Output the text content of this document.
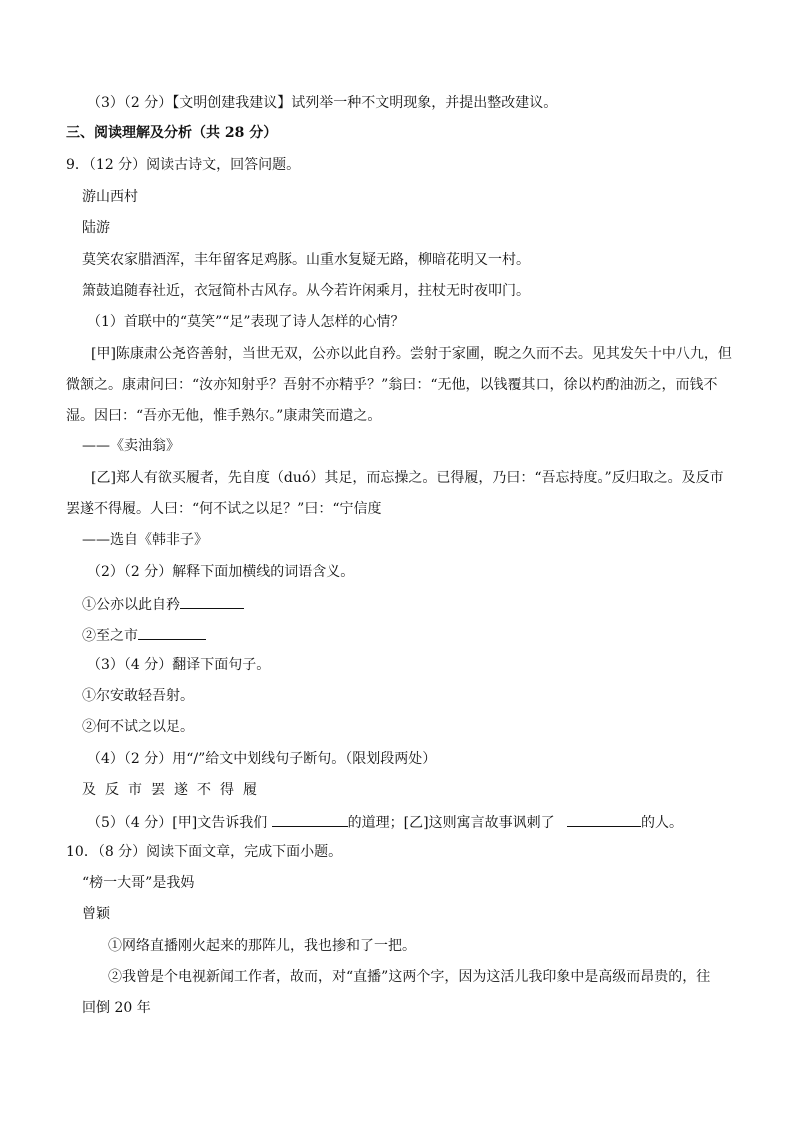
（3）（2 分）【文明创建我建议】试列举一种不文明现象，并提出整改建议。
三、阅读理解及分析（共 28 分）
9．（12 分）阅读古诗文，回答问题。
游山西村
陆游
莫笑农家腊酒浑，丰年留客足鸡豚。山重水复疑无路，柳暗花明又一村。
箫鼓追随春社近，衣冠简朴古风存。从今若许闲乘月，拄杖无时夜叩门。
（1）首联中的“莫笑”“足”表现了诗人怎样的心情？
[甲]陈康肃公尧咨善射，当世无双，公亦以此自矜。尝射于家圃，睨之久而不去。见其发矢十中八九，但
微颔之。康肃问曰：“汝亦知射乎？吾射不亦精乎？”翁曰：“无他，以钱覆其口，徐以杓酌油沥之，而钱不
湿。因曰：“吾亦无他，惟手熟尔。”康肃笑而遣之。
——《卖油翁》
[乙]郑人有欲买履者，先自度（duó）其足，而忘操之。已得履，乃曰：“吾忘持度。”反归取之。及反市
罢遂不得履。人曰：“何不试之以足？”曰：“宁信度
——选自《韩非子》
（2）（2 分）解释下面加横线的词语含义。
①公亦以此自矜
②至之市
（3）（4 分）翻译下面句子。
①尔安敢轻吾射。
②何不试之以足。
（4）（2 分）用“/”给文中划线句子断句。（限划段两处）
及 反 市 罢 遂 不 得 履
（5）（4 分）[甲]文告诉我们	的道理；[乙]这则寓言故事讽刺了	的人。
10．（8 分）阅读下面文章，完成下面小题。
“榜一大哥”是我妈
曾颖
①网络直播刚火起来的那阵儿，我也掺和了一把。
②我曾是个电视新闻工作者，故而，对“直播”这两个字，因为这活儿我印象中是高级而昂贵的，往
回倒 20 年
